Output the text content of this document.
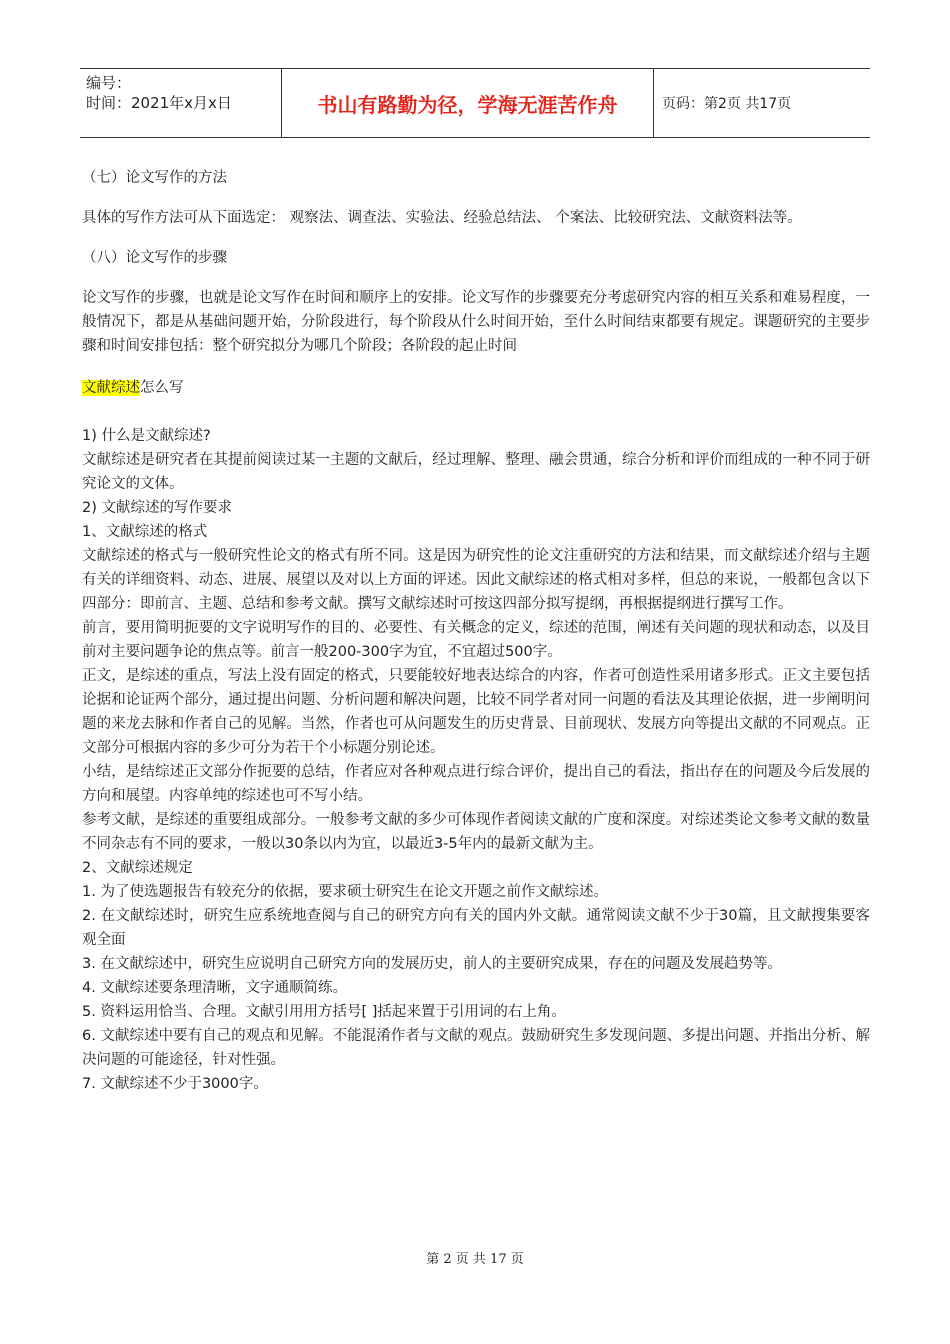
编号：
时间：2021年x月x日	书山有路勤为径，学海无涯苦作舟	页码：第2页 共17页

（七）论文写作的方法

具体的写作方法可从下面选定： 观察法、调查法、实验法、经验总结法、 个案法、比较研究法、文献资料法等。

（八）论文写作的步骤

论文写作的步骤，也就是论文写作在时间和顺序上的安排。论文写作的步骤要充分考虑研究内容的相互关系和难易程度，一般情况下，都是从基础问题开始，分阶段进行，每个阶段从什么时间开始，至什么时间结束都要有规定。课题研究的主要步骤和时间安排包括：整个研究拟分为哪几个阶段；各阶段的起止时间

文献综述怎么写

1) 什么是文献综述?

文献综述是研究者在其提前阅读过某一主题的文献后，经过理解、整理、融会贯通，综合分析和评价而组成的一种不同于研究论文的文体。

2) 文献综述的写作要求

1、文献综述的格式

文献综述的格式与一般研究性论文的格式有所不同。这是因为研究性的论文注重研究的方法和结果，而文献综述介绍与主题有关的详细资料、动态、进展、展望以及对以上方面的评述。因此文献综述的格式相对多样，但总的来说，一般都包含以下四部分：即前言、主题、总结和参考文献。撰写文献综述时可按这四部分拟写提纲，再根据提纲进行撰写工作。

前言，要用简明扼要的文字说明写作的目的、必要性、有关概念的定义，综述的范围，阐述有关问题的现状和动态，以及目前对主要问题争论的焦点等。前言一般200-300字为宜，不宜超过500字。

正文，是综述的重点，写法上没有固定的格式，只要能较好地表达综合的内容，作者可创造性采用诸多形式。正文主要包括论据和论证两个部分，通过提出问题、分析问题和解决问题，比较不同学者对同一问题的看法及其理论依据，进一步阐明问题的来龙去脉和作者自己的见解。当然，作者也可从问题发生的历史背景、目前现状、发展方向等提出文献的不同观点。正文部分可根据内容的多少可分为若干个小标题分别论述。

小结，是结综述正文部分作扼要的总结，作者应对各种观点进行综合评价，提出自己的看法，指出存在的问题及今后发展的方向和展望。内容单纯的综述也可不写小结。

参考文献，是综述的重要组成部分。一般参考文献的多少可体现作者阅读文献的广度和深度。对综述类论文参考文献的数量不同杂志有不同的要求，一般以30条以内为宜，以最近3-5年内的最新文献为主。

2、文献综述规定

1. 为了使选题报告有较充分的依据，要求硕士研究生在论文开题之前作文献综述。

2. 在文献综述时，研究生应系统地查阅与自己的研究方向有关的国内外文献。通常阅读文献不少于30篇，且文献搜集要客观全面

3. 在文献综述中，研究生应说明自己研究方向的发展历史，前人的主要研究成果，存在的问题及发展趋势等。

4. 文献综述要条理清晰，文字通顺简练。

5. 资料运用恰当、合理。文献引用用方括号[ ]括起来置于引用词的右上角。

6. 文献综述中要有自己的观点和见解。不能混淆作者与文献的观点。鼓励研究生多发现问题、多提出问题、并指出分析、解决问题的可能途径，针对性强。

7. 文献综述不少于3000字。

第 2 页 共 17 页
